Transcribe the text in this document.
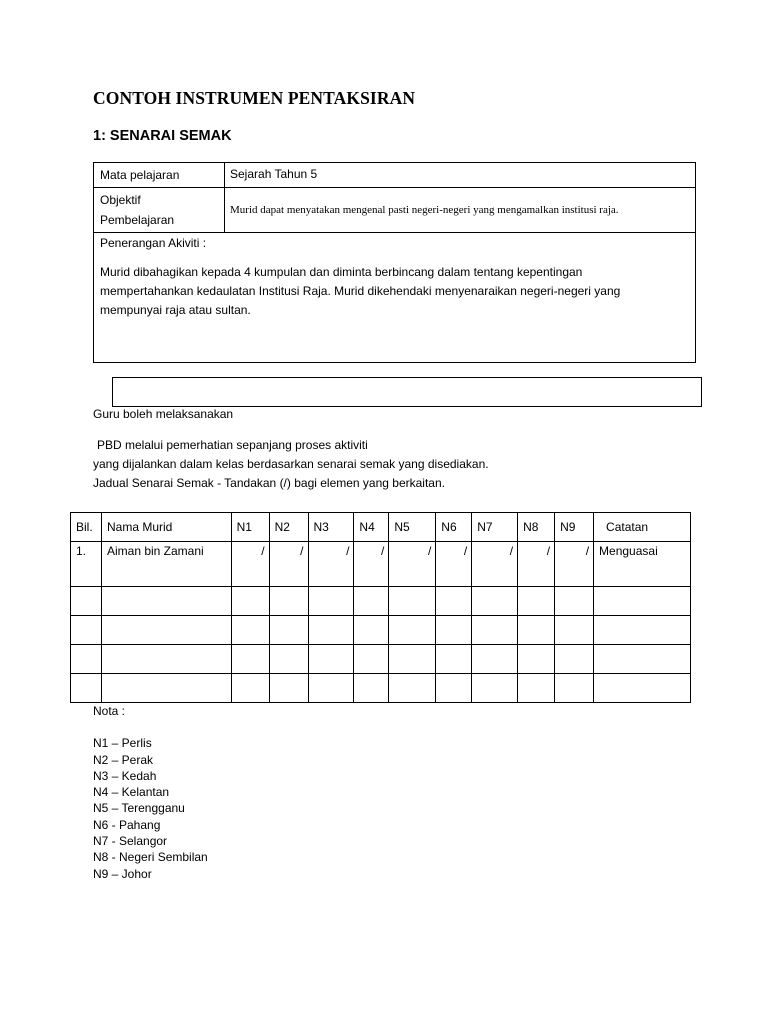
CONTOH INSTRUMEN PENTAKSIRAN
1: SENARAI SEMAK
Mata pelajaran	Sejarah Tahun 5

Objektif
Pembelajaran	Murid dapat menyatakan mengenal pasti negeri-negeri yang mengamalkan institusi raja.

Penerangan Akiviti :
Murid dibahagikan kepada 4 kumpulan dan diminta berbincang dalam tentang kepentingan
mempertahankan kedaulatan Institusi Raja. Murid dikehendaki menyenaraikan negeri-negeri yang
mempunyai raja atau sultan.	
Guru boleh melaksanakan
PBD melalui pemerhatian sepanjang proses aktiviti
yang dijalankan dalam kelas berdasarkan senarai semak yang disediakan.
Jadual Senarai Semak - Tandakan (/) bagi elemen yang berkaitan.
Bil.	Nama Murid	N1	N2	N3	N4	N5	N6	N7	N8	N9	Catatan
1.	Aiman bin Zamani	/	/	/	/	/	/	/	/	/	Menguasai

Nota :
N1 – Perlis
N2 – Perak
N3 – Kedah
N4 – Kelantan
N5 – Terengganu
N6 - Pahang
N7 - Selangor
N8 - Negeri Sembilan
N9 – Johor
